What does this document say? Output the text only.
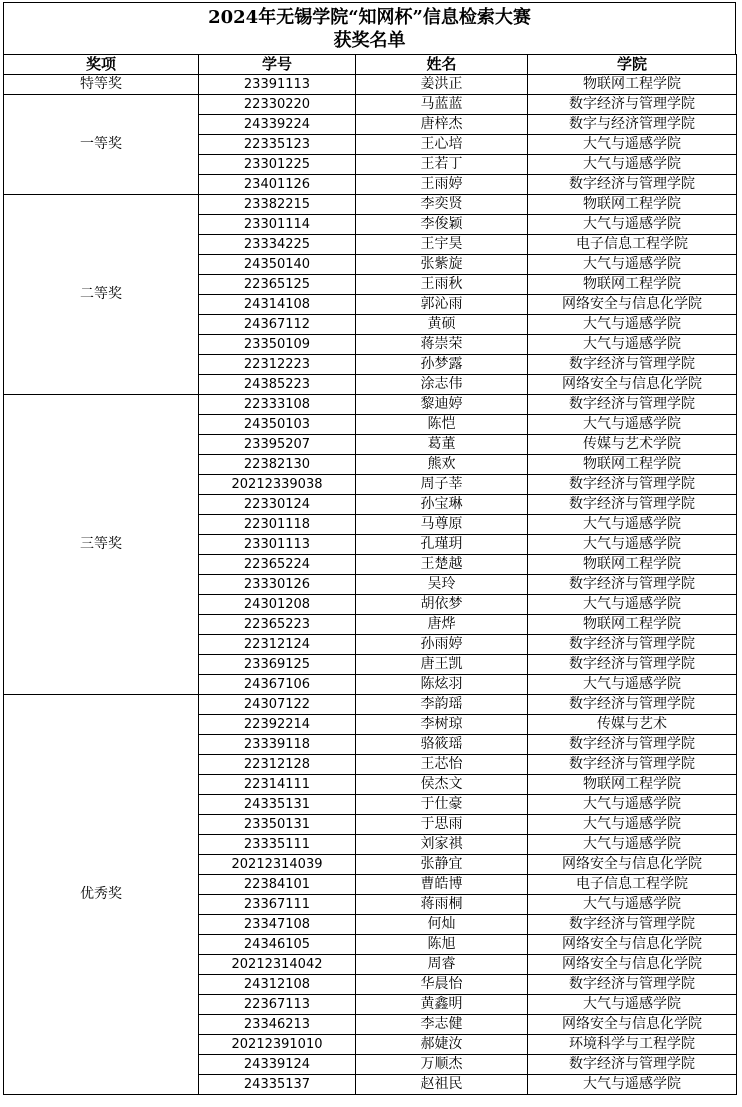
2024年无锡学院“知网杯”信息检索大赛
获奖名单
奖项	学号	姓名	学院
特等奖	23391113	姜洪正	物联网工程学院
一等奖	22330220	马蓝蓝	数字经济与管理学院
	24339224	唐梓杰	数字与经济管理学院
	22335123	王心培	大气与遥感学院
	23301225	王若丁	大气与遥感学院
	23401126	王雨婷	数字经济与管理学院
二等奖	23382215	李奕贤	物联网工程学院
	23301114	李俊颖	大气与遥感学院
	23334225	王宇昊	电子信息工程学院
	24350140	张紫旋	大气与遥感学院
	22365125	王雨秋	物联网工程学院
	24314108	郭沁雨	网络安全与信息化学院
	24367112	黄硕	大气与遥感学院
	23350109	蒋崇荣	大气与遥感学院
	22312223	孙梦露	数字经济与管理学院
	24385223	涂志伟	网络安全与信息化学院
三等奖	22333108	黎迪婷	数字经济与管理学院
	24350103	陈恺	大气与遥感学院
	23395207	葛董	传媒与艺术学院
	22382130	熊欢	物联网工程学院
	20212339038	周子莘	数字经济与管理学院
	22330124	孙宝琳	数字经济与管理学院
	22301118	马尊原	大气与遥感学院
	23301113	孔瑾玥	大气与遥感学院
	22365224	王楚越	物联网工程学院
	23330126	吴玲	数字经济与管理学院
	24301208	胡依梦	大气与遥感学院
	22365223	唐烨	物联网工程学院
	22312124	孙雨婷	数字经济与管理学院
	23369125	唐王凯	数字经济与管理学院
	24367106	陈炫羽	大气与遥感学院
优秀奖	24307122	李韵瑶	数字经济与管理学院
	22392214	李树琼	传媒与艺术
	23339118	骆筱瑶	数字经济与管理学院
	22312128	王芯怡	数字经济与管理学院
	22314111	侯杰文	物联网工程学院
	24335131	于仕豪	大气与遥感学院
	23350131	于思雨	大气与遥感学院
	23335111	刘家祺	大气与遥感学院
	20212314039	张静宜	网络安全与信息化学院
	22384101	曹皓博	电子信息工程学院
	23367111	蒋雨桐	大气与遥感学院
	23347108	何灿	数字经济与管理学院
	24346105	陈旭	网络安全与信息化学院
	20212314042	周睿	网络安全与信息化学院
	24312108	华晨怡	数字经济与管理学院
	22367113	黄鑫明	大气与遥感学院
	23346213	李志健	网络安全与信息化学院
	20212391010	郝婕汝	环境科学与工程学院
	24339124	万顺杰	数字经济与管理学院
	24335137	赵祖民	大气与遥感学院
